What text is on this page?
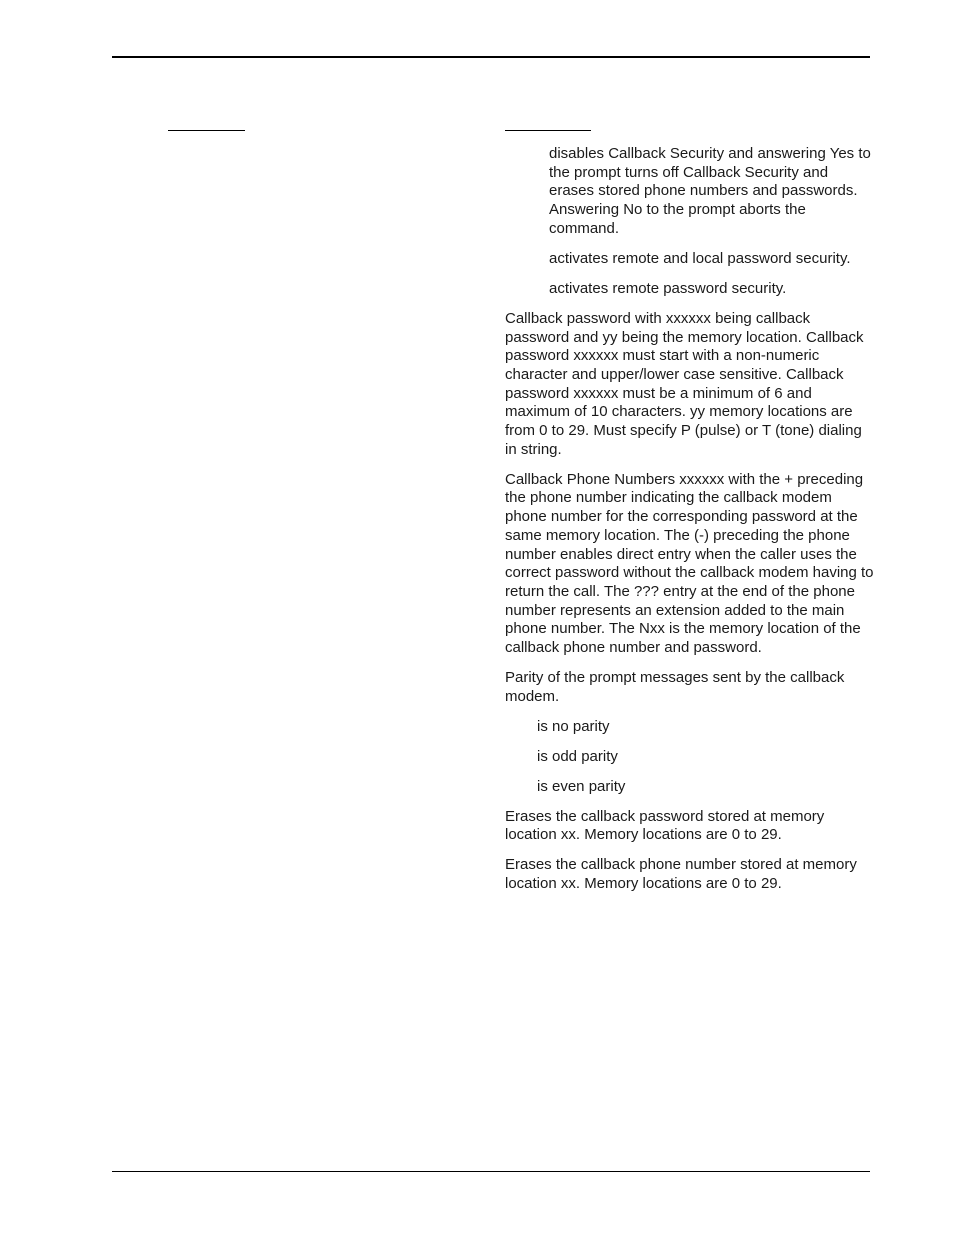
disables Callback Security and answering Yes to the prompt turns off Callback Security and erases stored phone numbers and passwords. Answering No to the prompt aborts the command.

activates remote and local password security.

activates remote password security.

Callback password with xxxxxx being callback password and yy being the memory location. Callback password xxxxxx must start with a non-numeric character and upper/lower case sensitive. Callback password xxxxxx must be a minimum of 6 and maximum of 10 characters. yy memory locations are from 0 to 29. Must specify P (pulse) or T (tone) dialing in string.

Callback Phone Numbers xxxxxx with the + preceding the phone number indicating the callback modem phone number for the corresponding password at the same memory location. The (-) preceding the phone number enables direct entry when the caller uses the correct password without the callback modem having to return the call. The ??? entry at the end of the phone number represents an extension added to the main phone number. The Nxx is the memory location of the callback phone number and password.

Parity of the prompt messages sent by the callback modem.

is no parity

is odd parity

is even parity

Erases the callback password stored at memory location xx. Memory locations are 0 to 29.

Erases the callback phone number stored at memory location xx. Memory locations are 0 to 29.
